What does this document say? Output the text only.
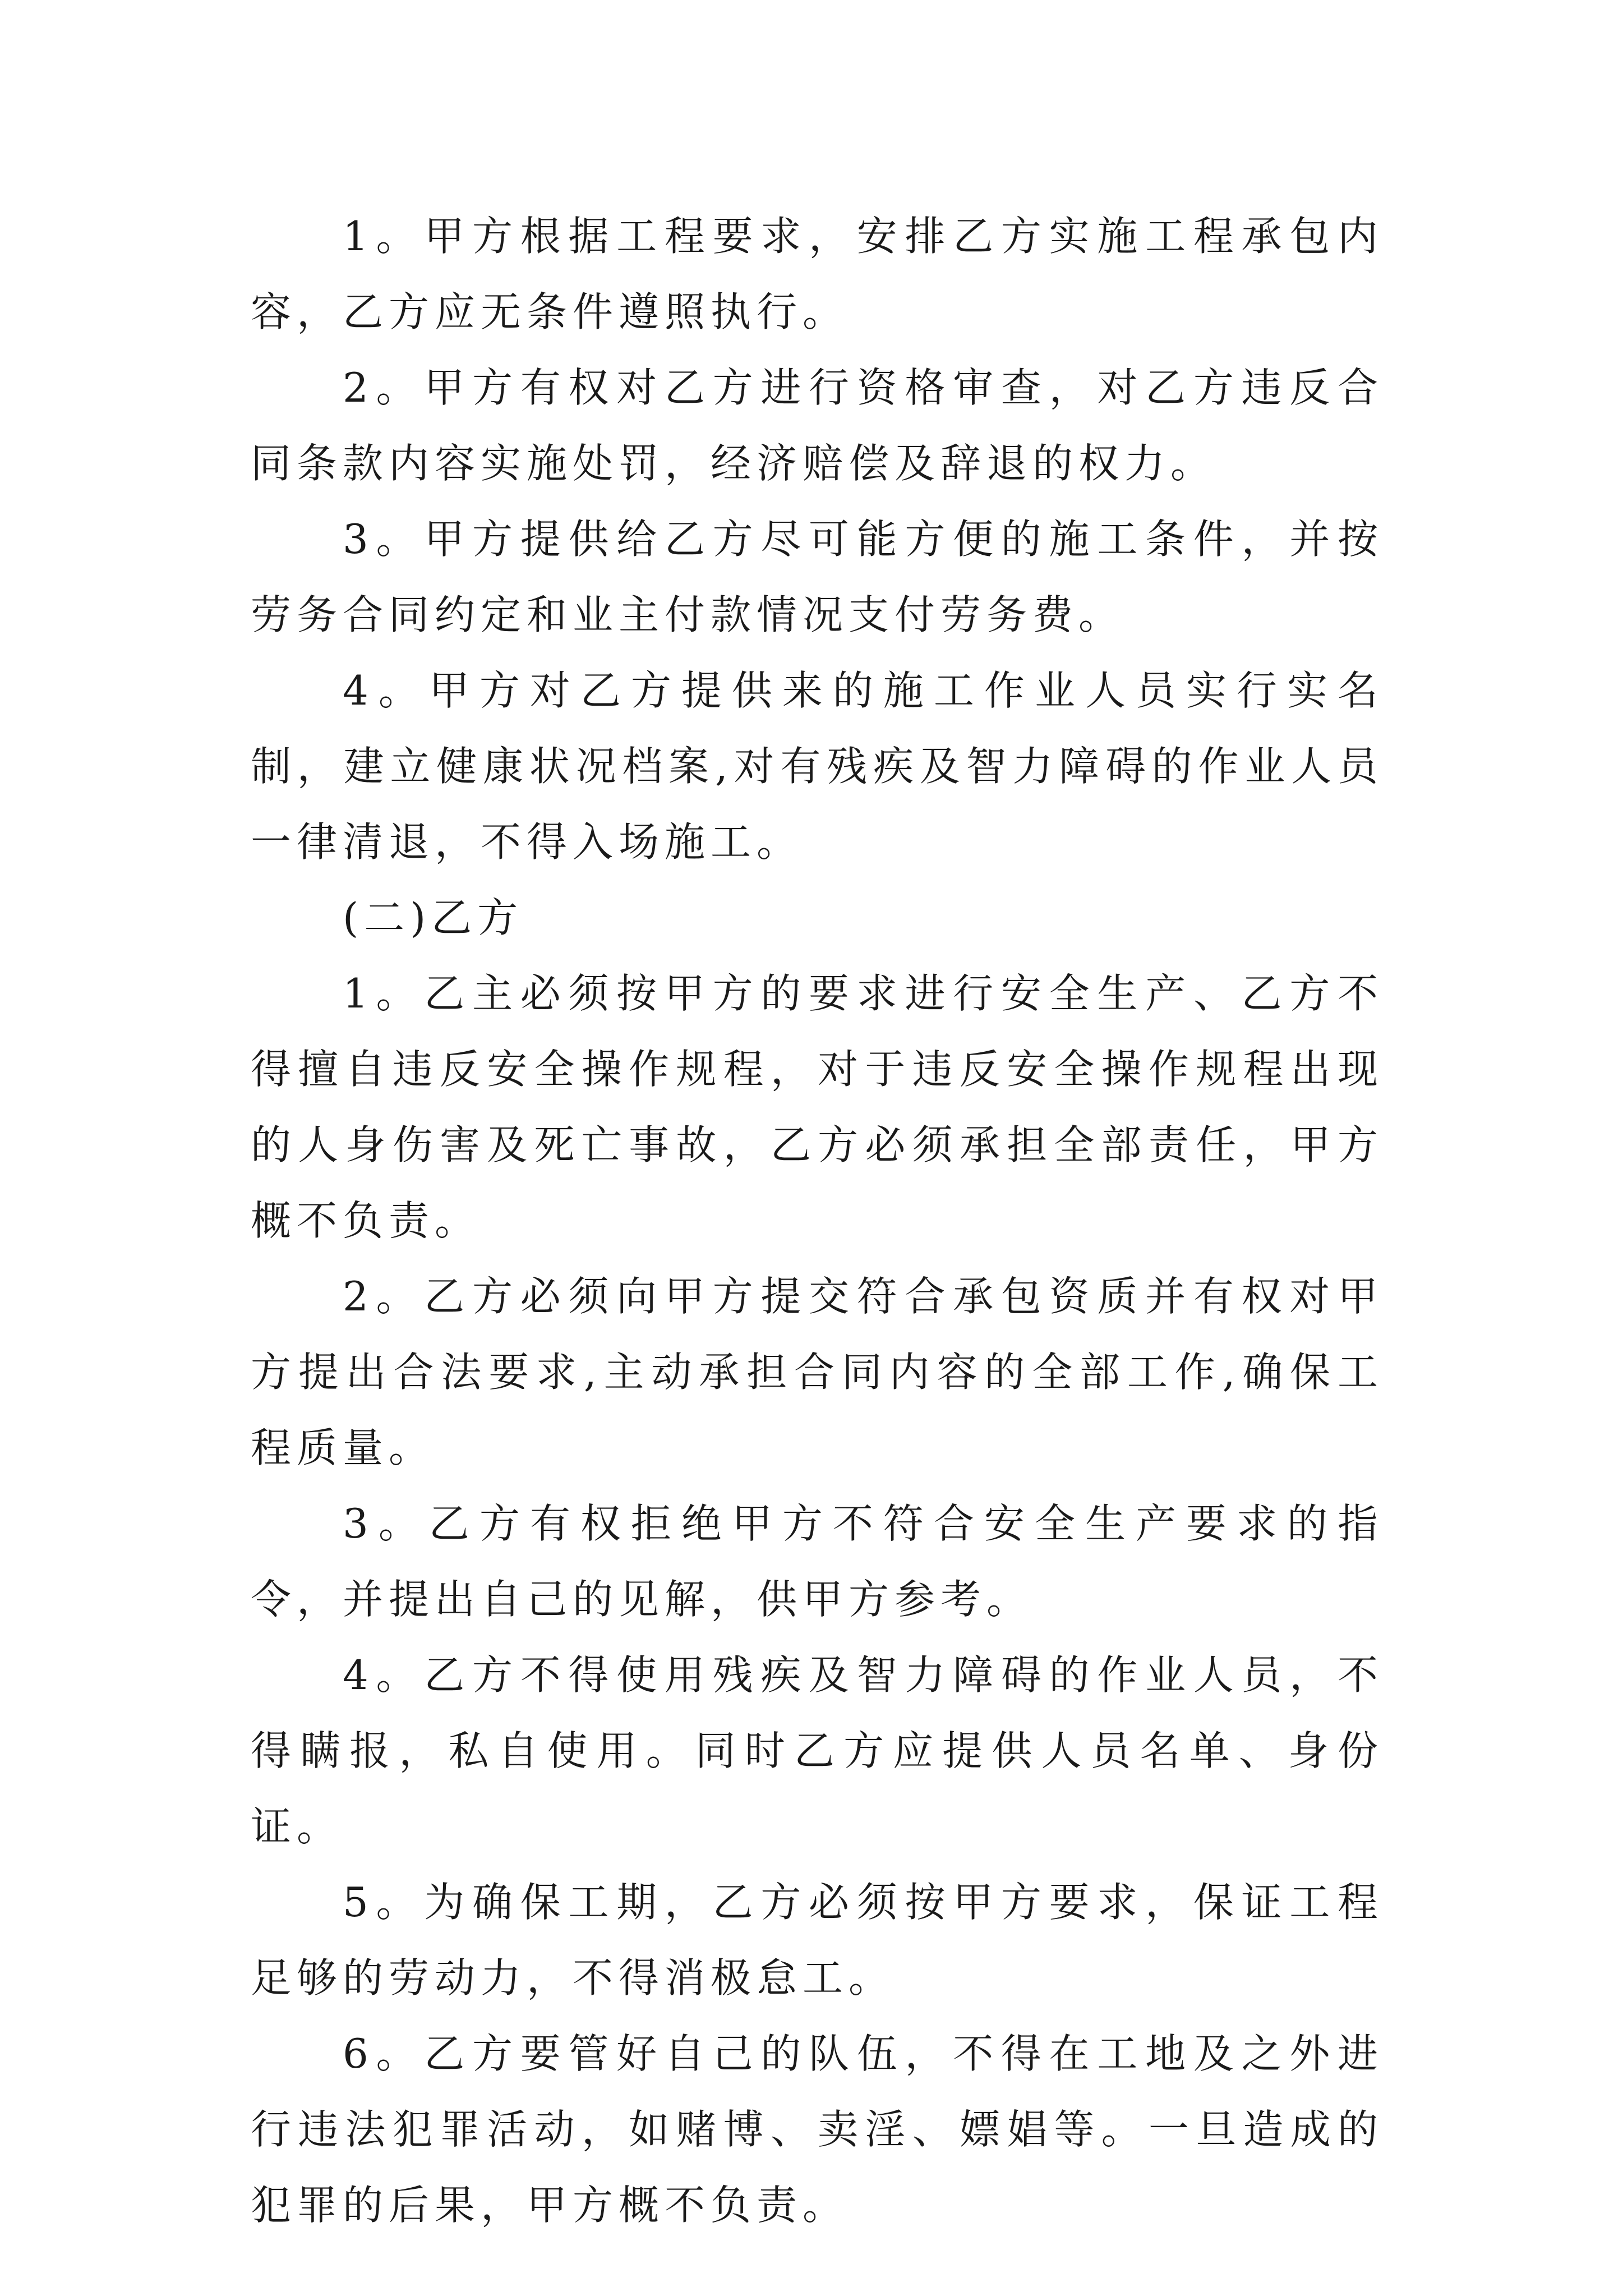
1。甲方根据工程要求，安排乙方实施工程承包内容，乙方应无条件遵照执行。

2。甲方有权对乙方进行资格审查，对乙方违反合同条款内容实施处罚，经济赔偿及辞退的权力。

3。甲方提供给乙方尽可能方便的施工条件，并按劳务合同约定和业主付款情况支付劳务费。

4。甲方对乙方提供来的施工作业人员实行实名制，建立健康状况档案,对有残疾及智力障碍的作业人员一律清退，不得入场施工。

(二)乙方

1。乙主必须按甲方的要求进行安全生产、乙方不得擅自违反安全操作规程，对于违反安全操作规程出现的人身伤害及死亡事故，乙方必须承担全部责任，甲方概不负责。

2。乙方必须向甲方提交符合承包资质并有权对甲方提出合法要求,主动承担合同内容的全部工作,确保工程质量。

3。乙方有权拒绝甲方不符合安全生产要求的指令，并提出自己的见解，供甲方参考。

4。乙方不得使用残疾及智力障碍的作业人员，不得瞒报，私自使用。同时乙方应提供人员名单、身份证。

5。为确保工期，乙方必须按甲方要求，保证工程足够的劳动力，不得消极怠工。

6。乙方要管好自己的队伍，不得在工地及之外进行违法犯罪活动，如赌博、卖淫、嫖娼等。一旦造成的犯罪的后果，甲方概不负责。
